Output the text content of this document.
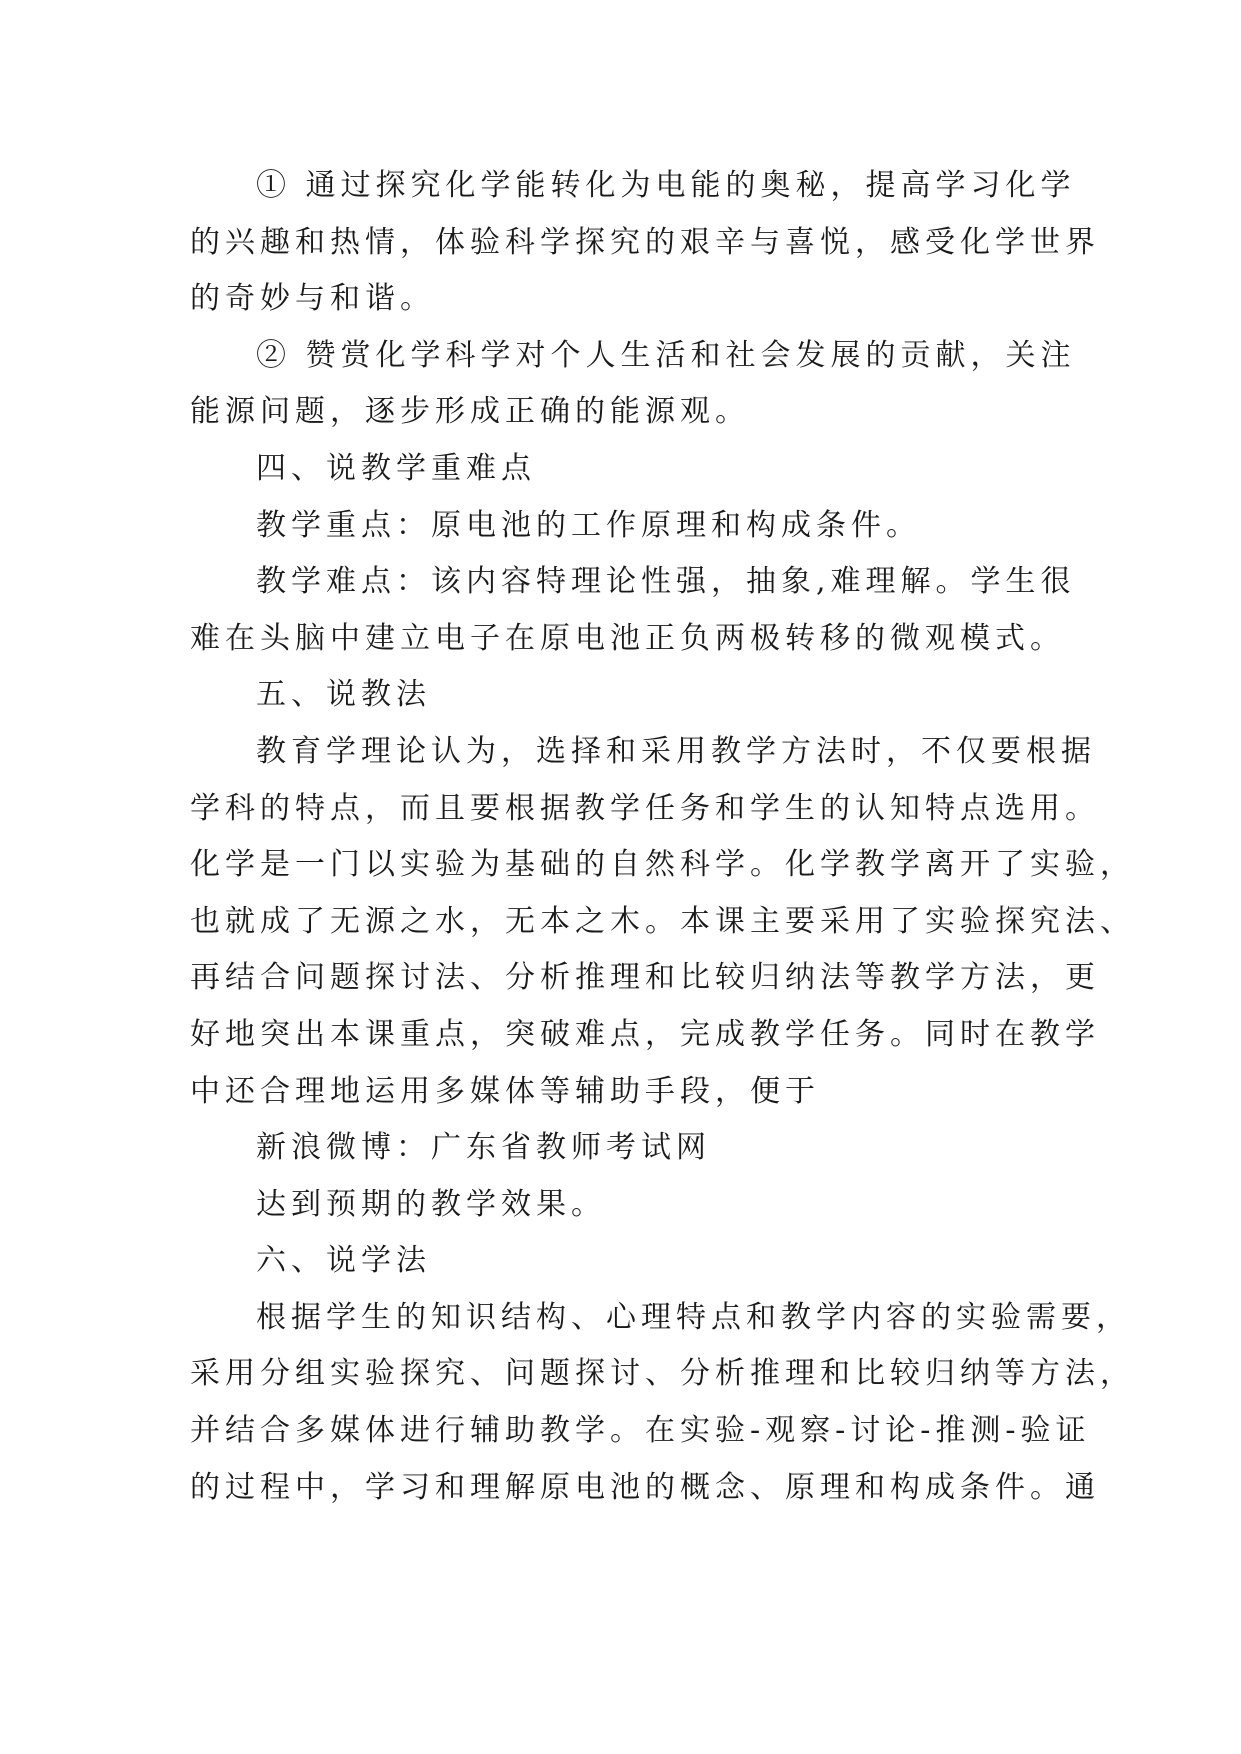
① 通过探究化学能转化为电能的奥秘，提高学习化学
的兴趣和热情，体验科学探究的艰辛与喜悦，感受化学世界
的奇妙与和谐。

② 赞赏化学科学对个人生活和社会发展的贡献，关注
能源问题，逐步形成正确的能源观。

四、说教学重难点

教学重点：原电池的工作原理和构成条件。

教学难点：该内容特理论性强，抽象,难理解。学生很
难在头脑中建立电子在原电池正负两极转移的微观模式。

五、说教法

教育学理论认为，选择和采用教学方法时，不仅要根据
学科的特点，而且要根据教学任务和学生的认知特点选用。
化学是一门以实验为基础的自然科学。化学教学离开了实验，
也就成了无源之水，无本之木。本课主要采用了实验探究法、
再结合问题探讨法、分析推理和比较归纳法等教学方法，更
好地突出本课重点，突破难点，完成教学任务。同时在教学
中还合理地运用多媒体等辅助手段，便于

新浪微博：广东省教师考试网

达到预期的教学效果。

六、说学法

根据学生的知识结构、心理特点和教学内容的实验需要，
采用分组实验探究、问题探讨、分析推理和比较归纳等方法，
并结合多媒体进行辅助教学。在实验-观察-讨论-推测-验证
的过程中，学习和理解原电池的概念、原理和构成条件。通
